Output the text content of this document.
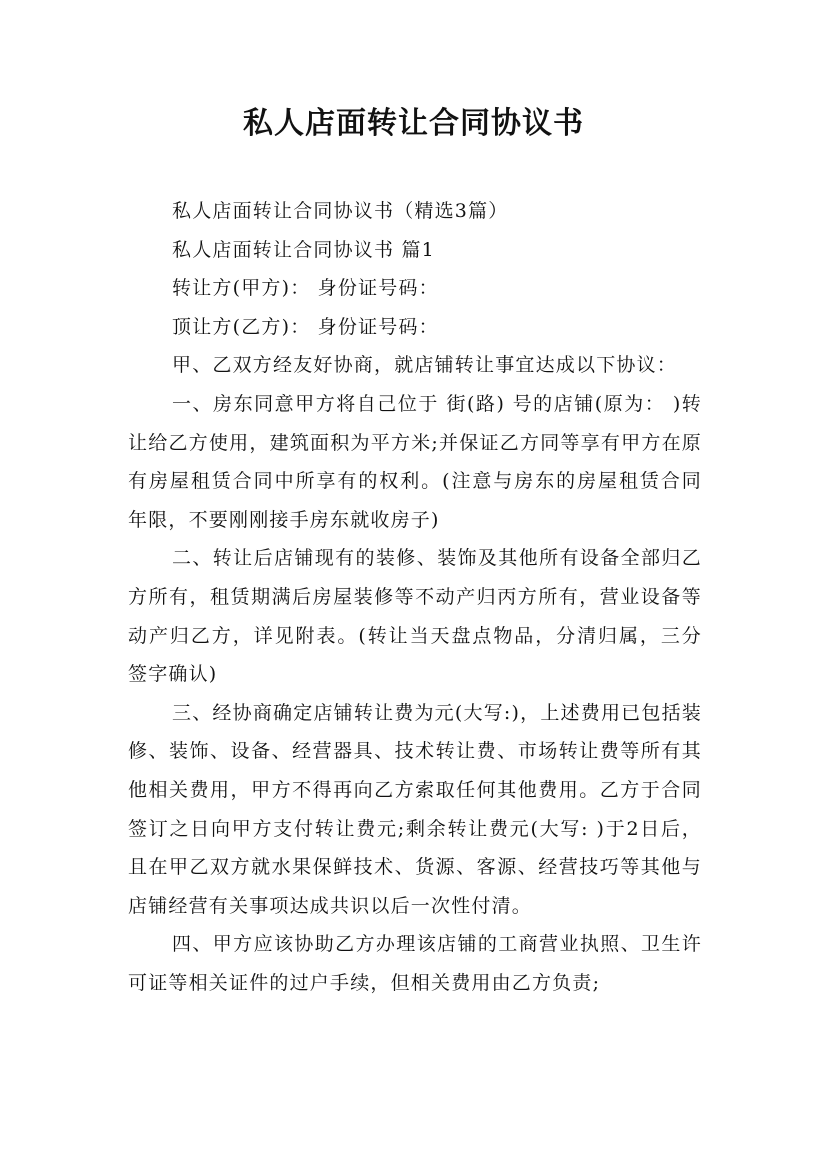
私人店面转让合同协议书

私人店面转让合同协议书（精选3篇）

私人店面转让合同协议书 篇1

转让方(甲方)： 身份证号码：

顶让方(乙方)： 身份证号码：

甲、乙双方经友好协商，就店铺转让事宜达成以下协议：

一、房东同意甲方将自己位于 街(路) 号的店铺(原为： )转让给乙方使用，建筑面积为平方米;并保证乙方同等享有甲方在原有房屋租赁合同中所享有的权利。(注意与房东的房屋租赁合同年限，不要刚刚接手房东就收房子)

二、转让后店铺现有的装修、装饰及其他所有设备全部归乙方所有，租赁期满后房屋装修等不动产归丙方所有，营业设备等动产归乙方，详见附表。(转让当天盘点物品，分清归属，三分签字确认)

三、经协商确定店铺转让费为元(大写:)，上述费用已包括装修、装饰、设备、经营器具、技术转让费、市场转让费等所有其他相关费用，甲方不得再向乙方索取任何其他费用。乙方于合同签订之日向甲方支付转让费元;剩余转让费元(大写: )于2日后，且在甲乙双方就水果保鲜技术、货源、客源、经营技巧等其他与店铺经营有关事项达成共识以后一次性付清。

四、甲方应该协助乙方办理该店铺的工商营业执照、卫生许可证等相关证件的过户手续，但相关费用由乙方负责;
